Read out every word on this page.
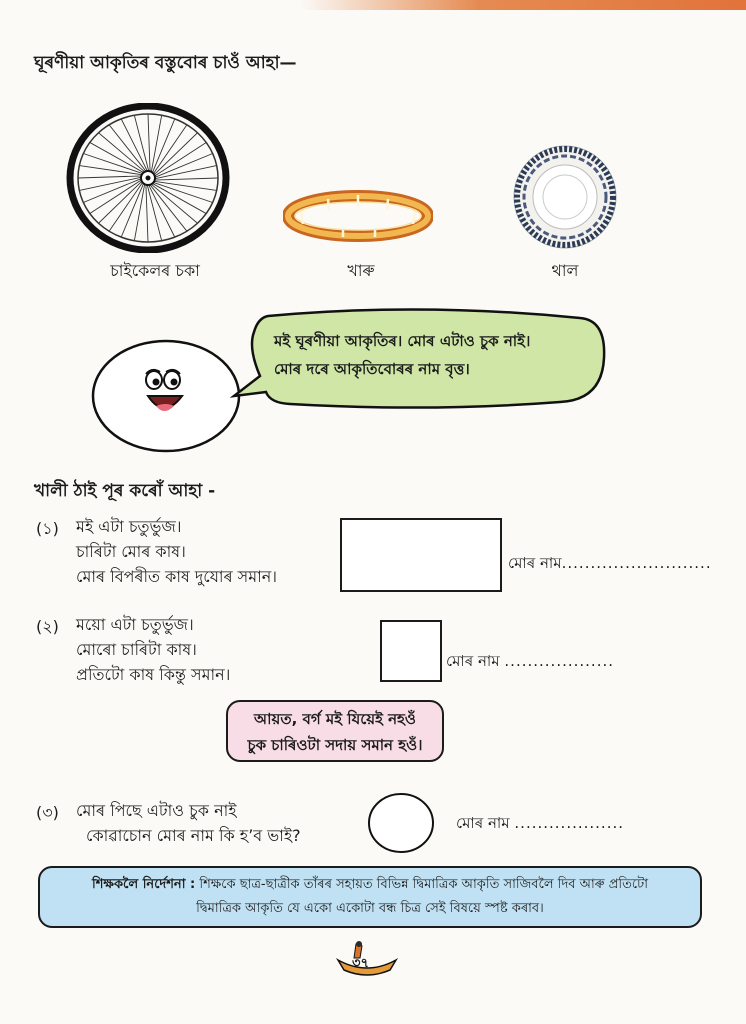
ঘূৰণীয়া আকৃতিৰ বস্তুবোৰ চাওঁ আহা—
চাইকেলৰ চকা	খাৰু	থাল
মই ঘূৰণীয়া আকৃতিৰ। মোৰ এটাও চুক নাই।
মোৰ দৰে আকৃতিবোৰৰ নাম বৃত্ত।
খালী ঠাই পূৰ কৰোঁ আহা -
(১) মই এটা চতুৰ্ভুজ।
চাৰিটা মোৰ কাষ।
মোৰ বিপৰীত কাষ দুযোৰ সমান।
মোৰ নাম..........................
(২) ময়ো এটা চতুৰ্ভুজ।
মোৰো চাৰিটা কাষ।
প্ৰতিটো কাষ কিন্তু সমান।
মোৰ নাম ...................
আয়ত, বৰ্গ মই যিয়েই নহওঁ
চুক চাৰিওটা সদায় সমান হওঁ।
(৩) মোৰ পিছে এটাও চুক নাই
কোৱাচোন মোৰ নাম কি হ’ব ভাই?
মোৰ নাম ...................
শিক্ষকলৈ নিৰ্দেশনা : শিক্ষকে ছাত্ৰ-ছাত্ৰীক তাঁৰৰ সহায়ত বিভিন্ন দ্বিমাত্ৰিক আকৃতি সাজিবলৈ দিব আৰু প্ৰতিটো
দ্বিমাত্ৰিক আকৃতি যে একো একোটা বন্ধ চিত্ৰ সেই বিষয়ে স্পষ্ট কৰাব।
৩৭
